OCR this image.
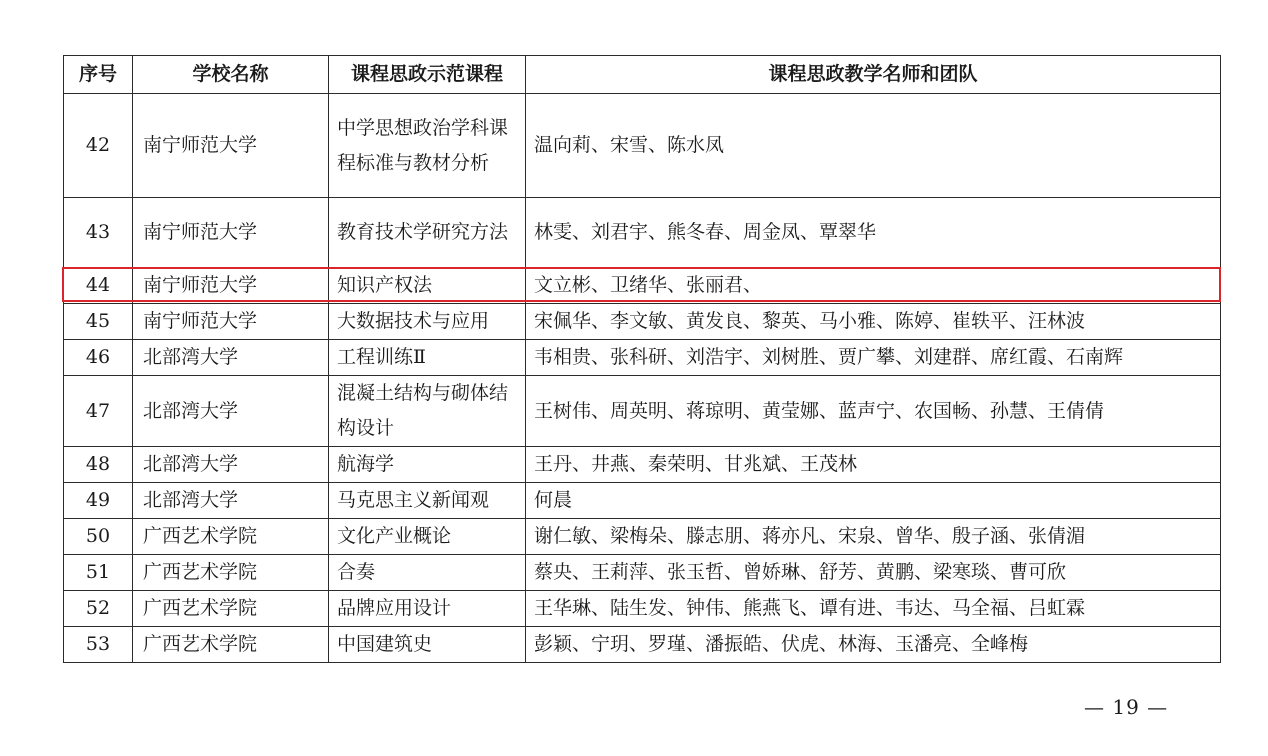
序号	学校名称	课程思政示范课程	课程思政教学名师和团队
42	南宁师范大学	中学思想政治学科课程标准与教材分析	温向莉、宋雪、陈水凤
43	南宁师范大学	教育技术学研究方法	林雯、刘君宇、熊冬春、周金凤、覃翠华
44	南宁师范大学	知识产权法	文立彬、卫绪华、张丽君、
45	南宁师范大学	大数据技术与应用	宋佩华、李文敏、黄发良、黎英、马小雅、陈婷、崔轶平、汪林波
46	北部湾大学	工程训练Ⅱ	韦相贵、张科研、刘浩宇、刘树胜、贾广攀、刘建群、席红霞、石南辉
47	北部湾大学	混凝土结构与砌体结构设计	王树伟、周英明、蒋琼明、黄莹娜、蓝声宁、农国畅、孙慧、王倩倩
48	北部湾大学	航海学	王丹、井燕、秦荣明、甘兆斌、王茂林
49	北部湾大学	马克思主义新闻观	何晨
50	广西艺术学院	文化产业概论	谢仁敏、梁梅朵、滕志朋、蒋亦凡、宋泉、曾华、殷子涵、张倩湄
51	广西艺术学院	合奏	蔡央、王莉萍、张玉哲、曾娇琳、舒芳、黄鹏、梁寒琰、曹可欣
52	广西艺术学院	品牌应用设计	王华琳、陆生发、钟伟、熊燕飞、谭有进、韦达、马全福、吕虹霖
53	广西艺术学院	中国建筑史	彭颖、宁玥、罗瑾、潘振皓、伏虎、林海、玉潘亮、全峰梅
— 19 —
